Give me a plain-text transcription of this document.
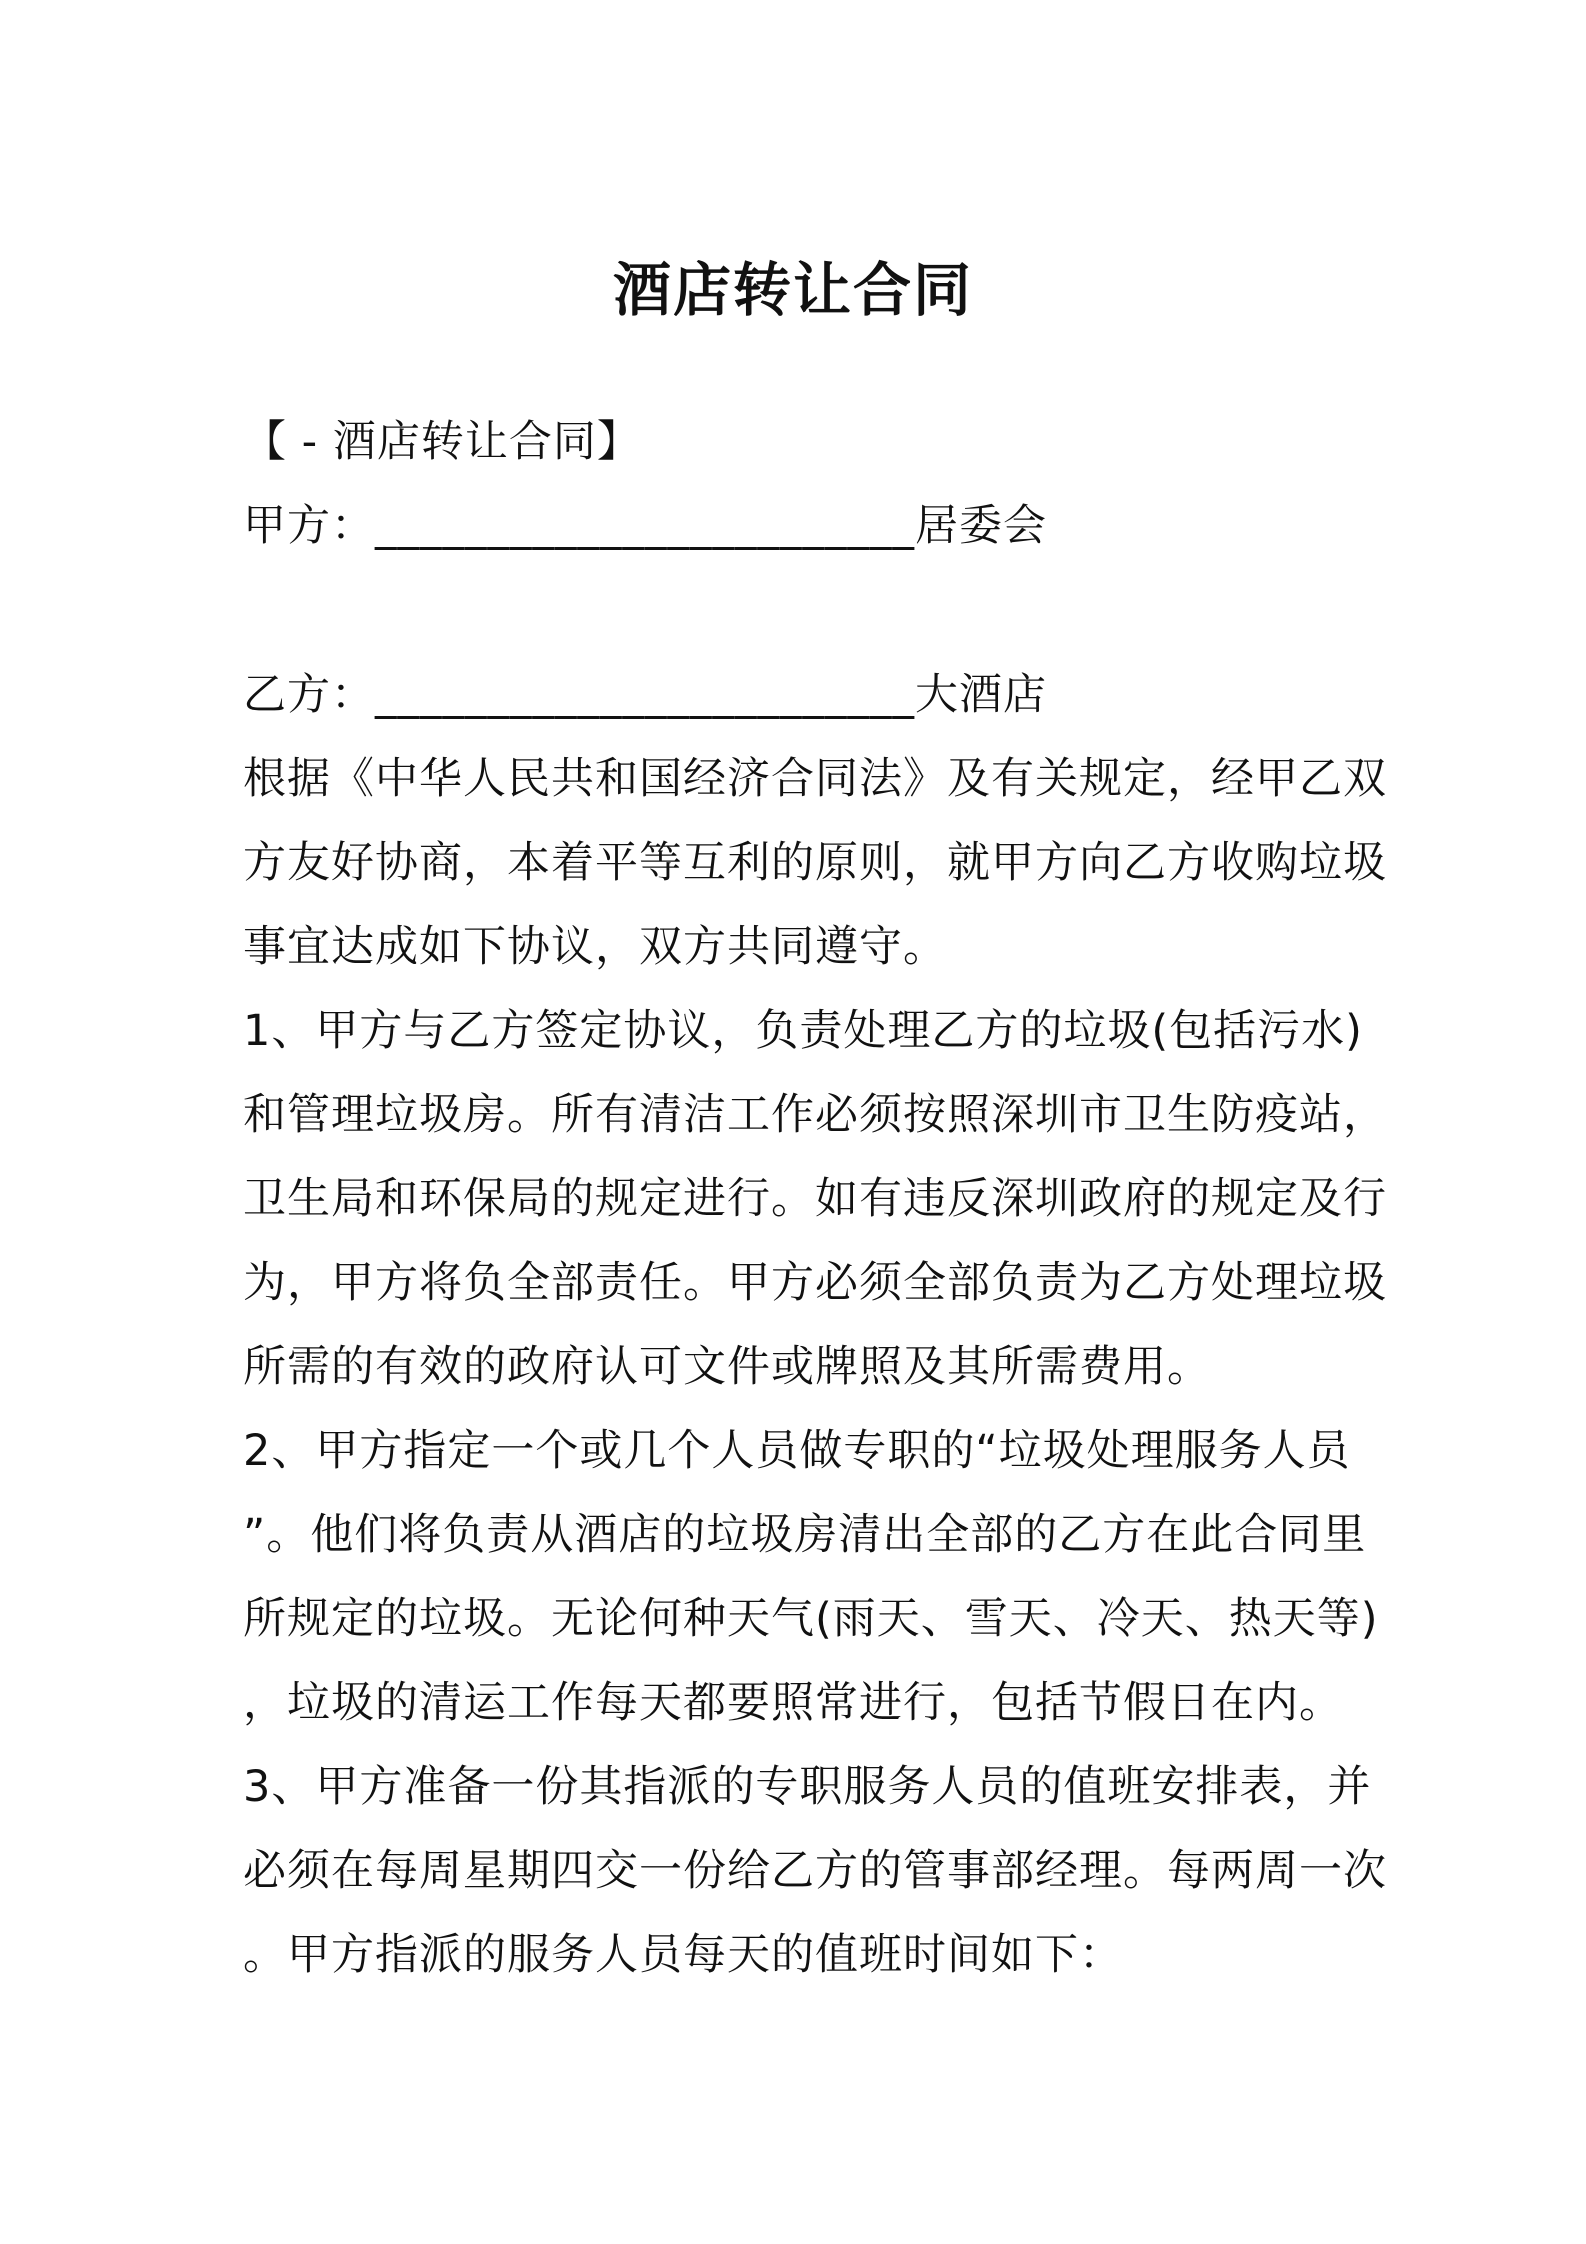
酒店转让合同

【 - 酒店转让合同】

甲方：________________________居委会

乙方：________________________大酒店

根据《中华人民共和国经济合同法》及有关规定，经甲乙双

方友好协商，本着平等互利的原则，就甲方向乙方收购垃圾

事宜达成如下协议，双方共同遵守。

1、甲方与乙方签定协议，负责处理乙方的垃圾(包括污水)

和管理垃圾房。所有清洁工作必须按照深圳市卫生防疫站，

卫生局和环保局的规定进行。如有违反深圳政府的规定及行

为，甲方将负全部责任。甲方必须全部负责为乙方处理垃圾

所需的有效的政府认可文件或牌照及其所需费用。

2、甲方指定一个或几个人员做专职的“垃圾处理服务人员

”。他们将负责从酒店的垃圾房清出全部的乙方在此合同里

所规定的垃圾。无论何种天气(雨天、雪天、冷天、热天等)

，垃圾的清运工作每天都要照常进行，包括节假日在内。

3、甲方准备一份其指派的专职服务人员的值班安排表，并

必须在每周星期四交一份给乙方的管事部经理。每两周一次

。甲方指派的服务人员每天的值班时间如下：
